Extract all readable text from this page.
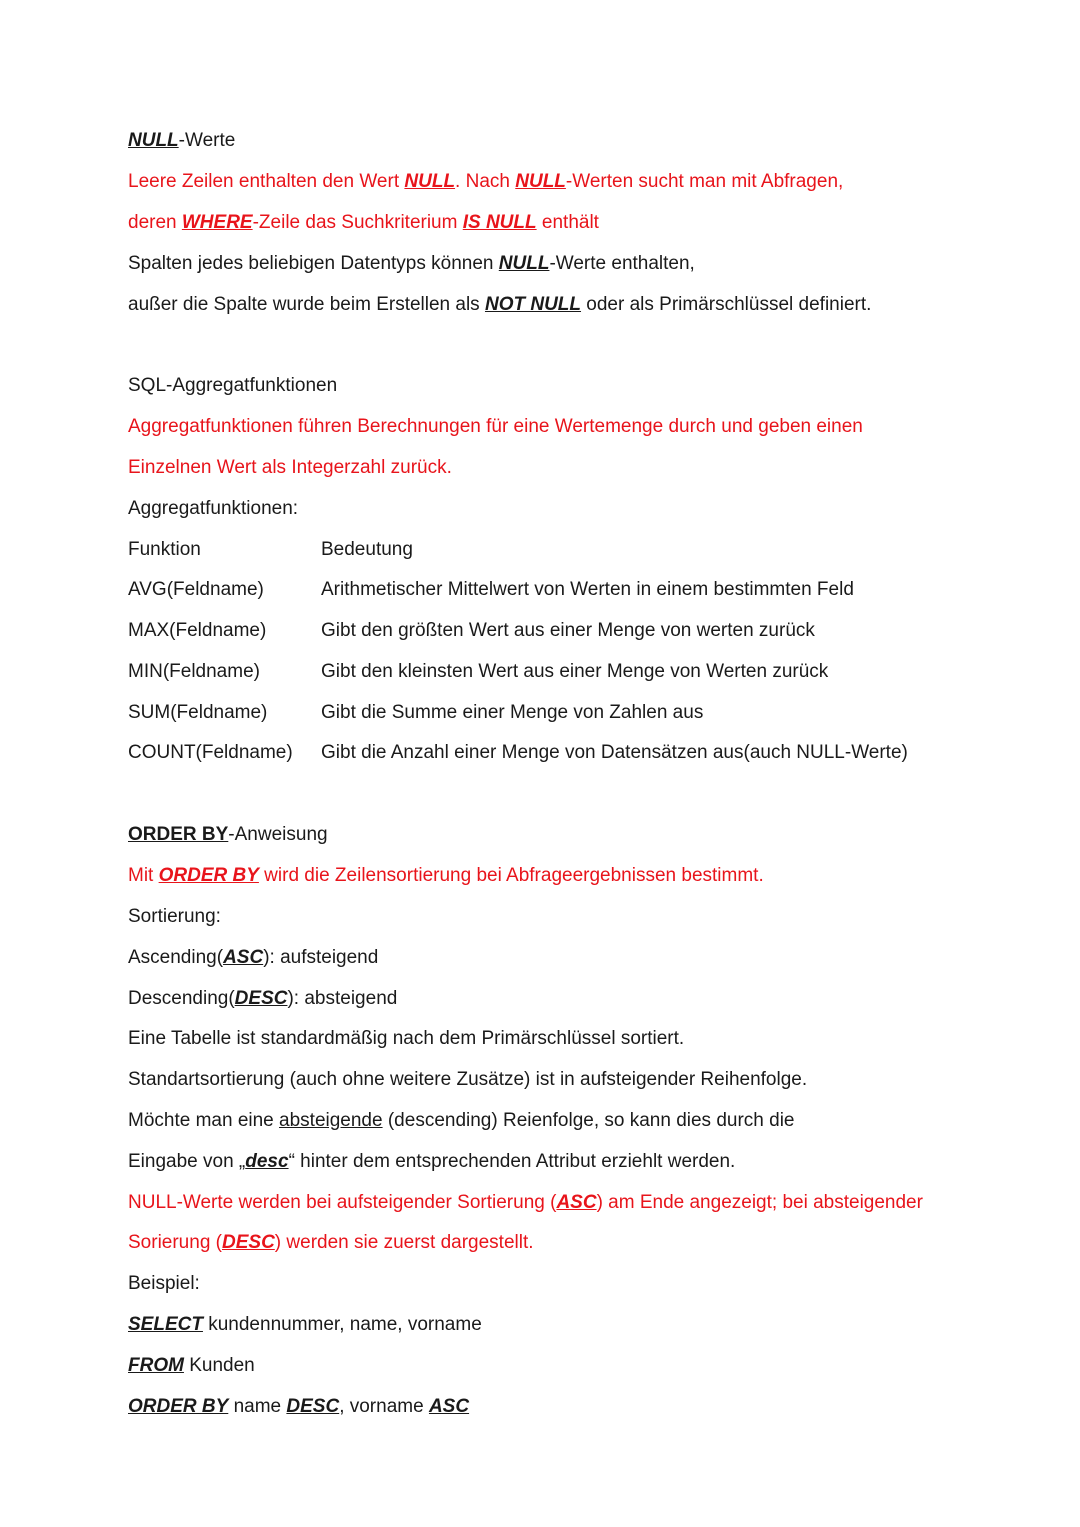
NULL-Werte
Leere Zeilen enthalten den Wert NULL. Nach NULL-Werten sucht man mit Abfragen,
deren WHERE-Zeile das Suchkriterium IS NULL enthält
Spalten jedes beliebigen Datentyps können NULL-Werte enthalten,
außer die Spalte wurde beim Erstellen als NOT NULL oder als Primärschlüssel definiert.
SQL-Aggregatfunktionen
Aggregatfunktionen führen Berechnungen für eine Wertemenge durch und geben einen
Einzelnen Wert als Integerzahl zurück.
Aggregatfunktionen:
Funktion	Bedeutung
AVG(Feldname)	Arithmetischer Mittelwert von Werten in einem bestimmten Feld
MAX(Feldname)	Gibt den größten Wert aus einer Menge von werten zurück
MIN(Feldname)	Gibt den kleinsten Wert aus einer Menge von Werten zurück
SUM(Feldname)	Gibt die Summe einer Menge von Zahlen aus
COUNT(Feldname) Gibt die Anzahl einer Menge von Datensätzen aus(auch NULL-Werte)
ORDER BY-Anweisung
Mit ORDER BY wird die Zeilensortierung bei Abfrageergebnissen bestimmt.
Sortierung:
Ascending(ASC): aufsteigend
Descending(DESC): absteigend
Eine Tabelle ist standardmäßig nach dem Primärschlüssel sortiert.
Standartsortierung (auch ohne weitere Zusätze) ist in aufsteigender Reihenfolge.
Möchte man eine absteigende (descending) Reienfolge, so kann dies durch die
Eingabe von „desc“ hinter dem entsprechenden Attribut erziehlt werden.
NULL-Werte werden bei aufsteigender Sortierung (ASC) am Ende angezeigt; bei absteigender
Sorierung (DESC) werden sie zuerst dargestellt.
Beispiel:
SELECT kundennummer, name, vorname
FROM Kunden
ORDER BY name DESC, vorname ASC
